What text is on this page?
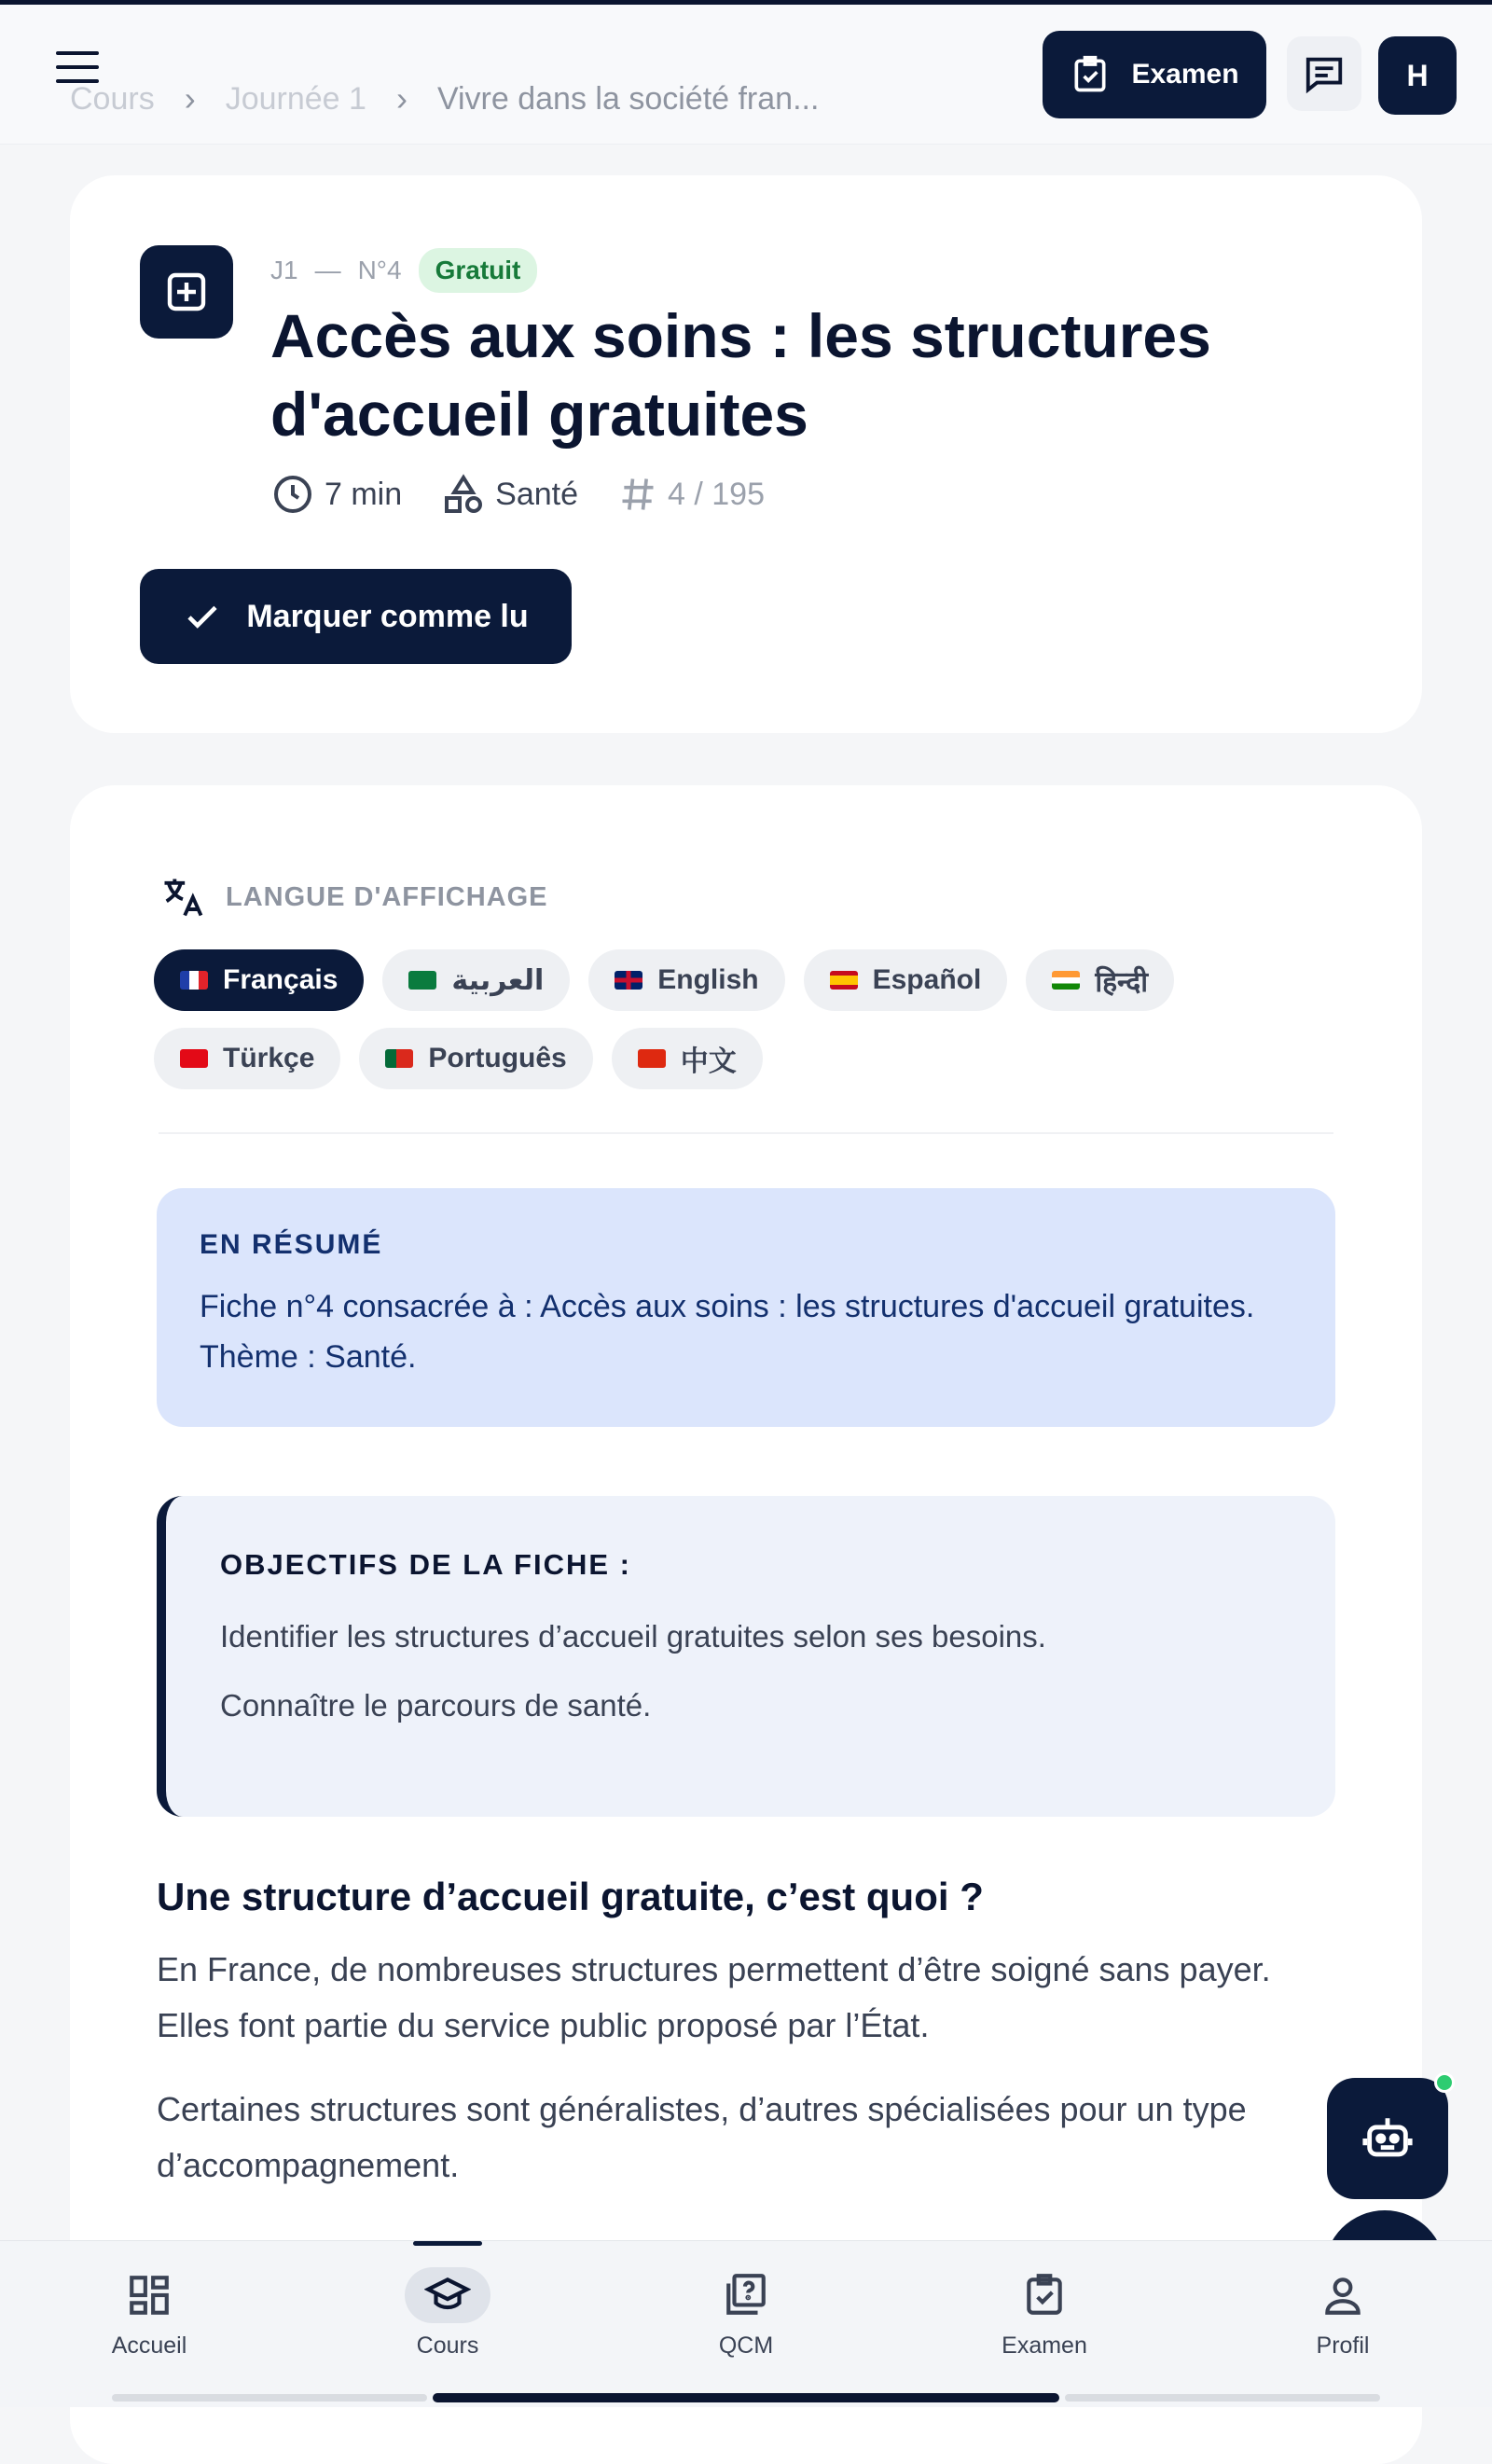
Cours › Journée 1 › Vivre dans la société fran...
Examen	H
J1 — N°4	Gratuit
Accès aux soins : les structures d'accueil gratuites
7 min	Santé	4 / 195
Marquer comme lu
LANGUE D'AFFICHAGE
Français	العربية	English	Español	हिन्दी
Türkçe	Português	中文
EN RÉSUMÉ

Fiche n°4 consacrée à : Accès aux soins : les structures d'accueil gratuites. Thème : Santé.

OBJECTIFS DE LA FICHE :

Identifier les structures d’accueil gratuites selon ses besoins.

Connaître le parcours de santé.

Une structure d’accueil gratuite, c’est quoi ?

En France, de nombreuses structures permettent d’être soigné sans payer. Elles font partie du service public proposé par l’État.

Certaines structures sont généralistes, d’autres spécialisées pour un type d’accompagnement.

Accueil	Cours	QCM	Examen	Profil
